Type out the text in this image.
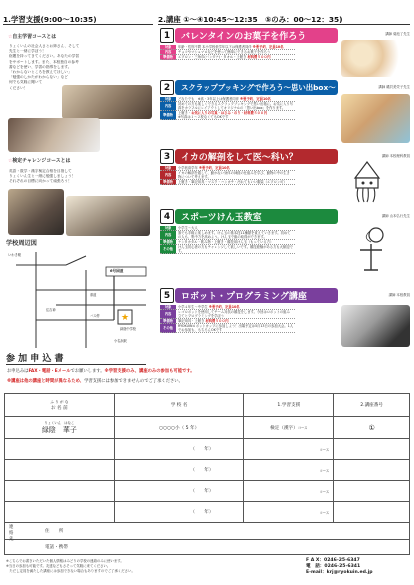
1.学習支援(9:00〜10:35)	2.講座 ①〜④10:45〜12:35　⑤のみ：00〜12：35)
☆自主学習コースとは
りょくいんの社会人さとお姉さん、そして
先生と一緒に学ぼう！
宿題を持ってきてください。あなたの学習
をサポートします。また、本校独自の参考
書などを使い、学習の指導をします。
「わからないところを教えてほしい」
「勉強のしかたがわからない」など
何でも気軽に聞いて
ください！
☆検定チャレンジコースとは
英語・数学・漢字検定合格を目指して
りょくいん生と一緒に勉強しましょう！
それぞれの目標に向かって頑張ろう！
学校周辺図
★
いわき駅
6号国道
県道
住吉神
バス停
緑陰中学校
小名浜駅
1	バレンタインのお菓子を作ろう	講師 菊池了先生
対象	年齢・性別不問 本小学校低学年以下は保護者同伴 ※要予約、定員10名
内容	チョコやマシュマロなどを使って簡単にできるお菓子を作ろう
準備物	エプロン・三角巾(バンダナ)・タオル・上履き 材料費５００円
2	スクラップブッキングで作ろう〜思い出box〜	講師 磯貝美栄子先生
対象	どなたでも　※高・3年以上は保護者同伴 ※要予約、定員10名
内容	初めての方も楽しくできるスクラップブッキングで思い出箱に。お気に入り写真をカラフルにレイアウトしてオリジナルの「思い出box」を作ります。
準備物	上履き・お気に入りの写真・はさみ・のり・材料費５００円
※写真は１〜２枚なくてもOKです
3	イカの解剖をして医〜科い？	講師 本校理科教員
対象	小学低高学年 ※要予約、定員10名
内容	イカの解剖を通して、動かない身体の神経の仕組みを学び、動物の中の生き物について考えます。
準備物	上履き・筆記用具・マスク・ハンカチ・汚れてもいい服装（エプロン可）
4	スポーツけん玉教室	講師 山本弘行先生
対象	小学生〜大人
内容	誰でも手軽に楽しめます。けん玉の基本技11種類を覚えていきます。初めての人も、集中力を高めよう。けん玉で級の取得ができます。
準備物	ナンタカタル・飲み物・上履き・競技用けん玉（もっている方）
その他	けん玉初心者の方もチャレンジして欲しいです。競技経験がある方も大歓迎です。
5	ロボット・プログラミング講座	講師 本校教員
対象	小学４年生〜中学生 ※要予約、定員10名
内容	レゴロボットを使用してチーム対抗の競技をします。今回はロボットの組み立てとプログラミングを学ぼう
準備物	筆記用具・上履き 材料費５００円
その他	RYOKUINロボットカップに参加しよう！出場予定は5月13日の参加大会。1人でお参加も、もちろんOKです
参 加 申 込 書
お申込みはFAX・電話・Eメールでお願いします。※学習支援のみ、講座のみの参加も可能です。
※講座は他の講座と時間が異なるため、学習支援には参加できませんのでご了承ください。
ふ り が な
お 名 前	学 校 名	1.学習支援	2.講座番号

りょくいん　はなこ
緑陰　華子	○○○○小（ 5 年）	検定（漢字）コース	①
	（　　年）	コース	
	（　　年）	コース	
	（　　年）	コース	
	（　　年）	コース	
住　　所			
電話・携帯			
連絡先
※こちらでお書きいただいた個人情報はみどりの学校の連絡のみに使います。
※当日の参加も可能です。友達などもさそって気軽に来てください。
　ただし定員を満たした講座には参加できない場合もありますのでご了承ください。
F A X：0246-25-6347
電　話：0246-25-6341
E-mail：krj@ryokuin.ed.jp
